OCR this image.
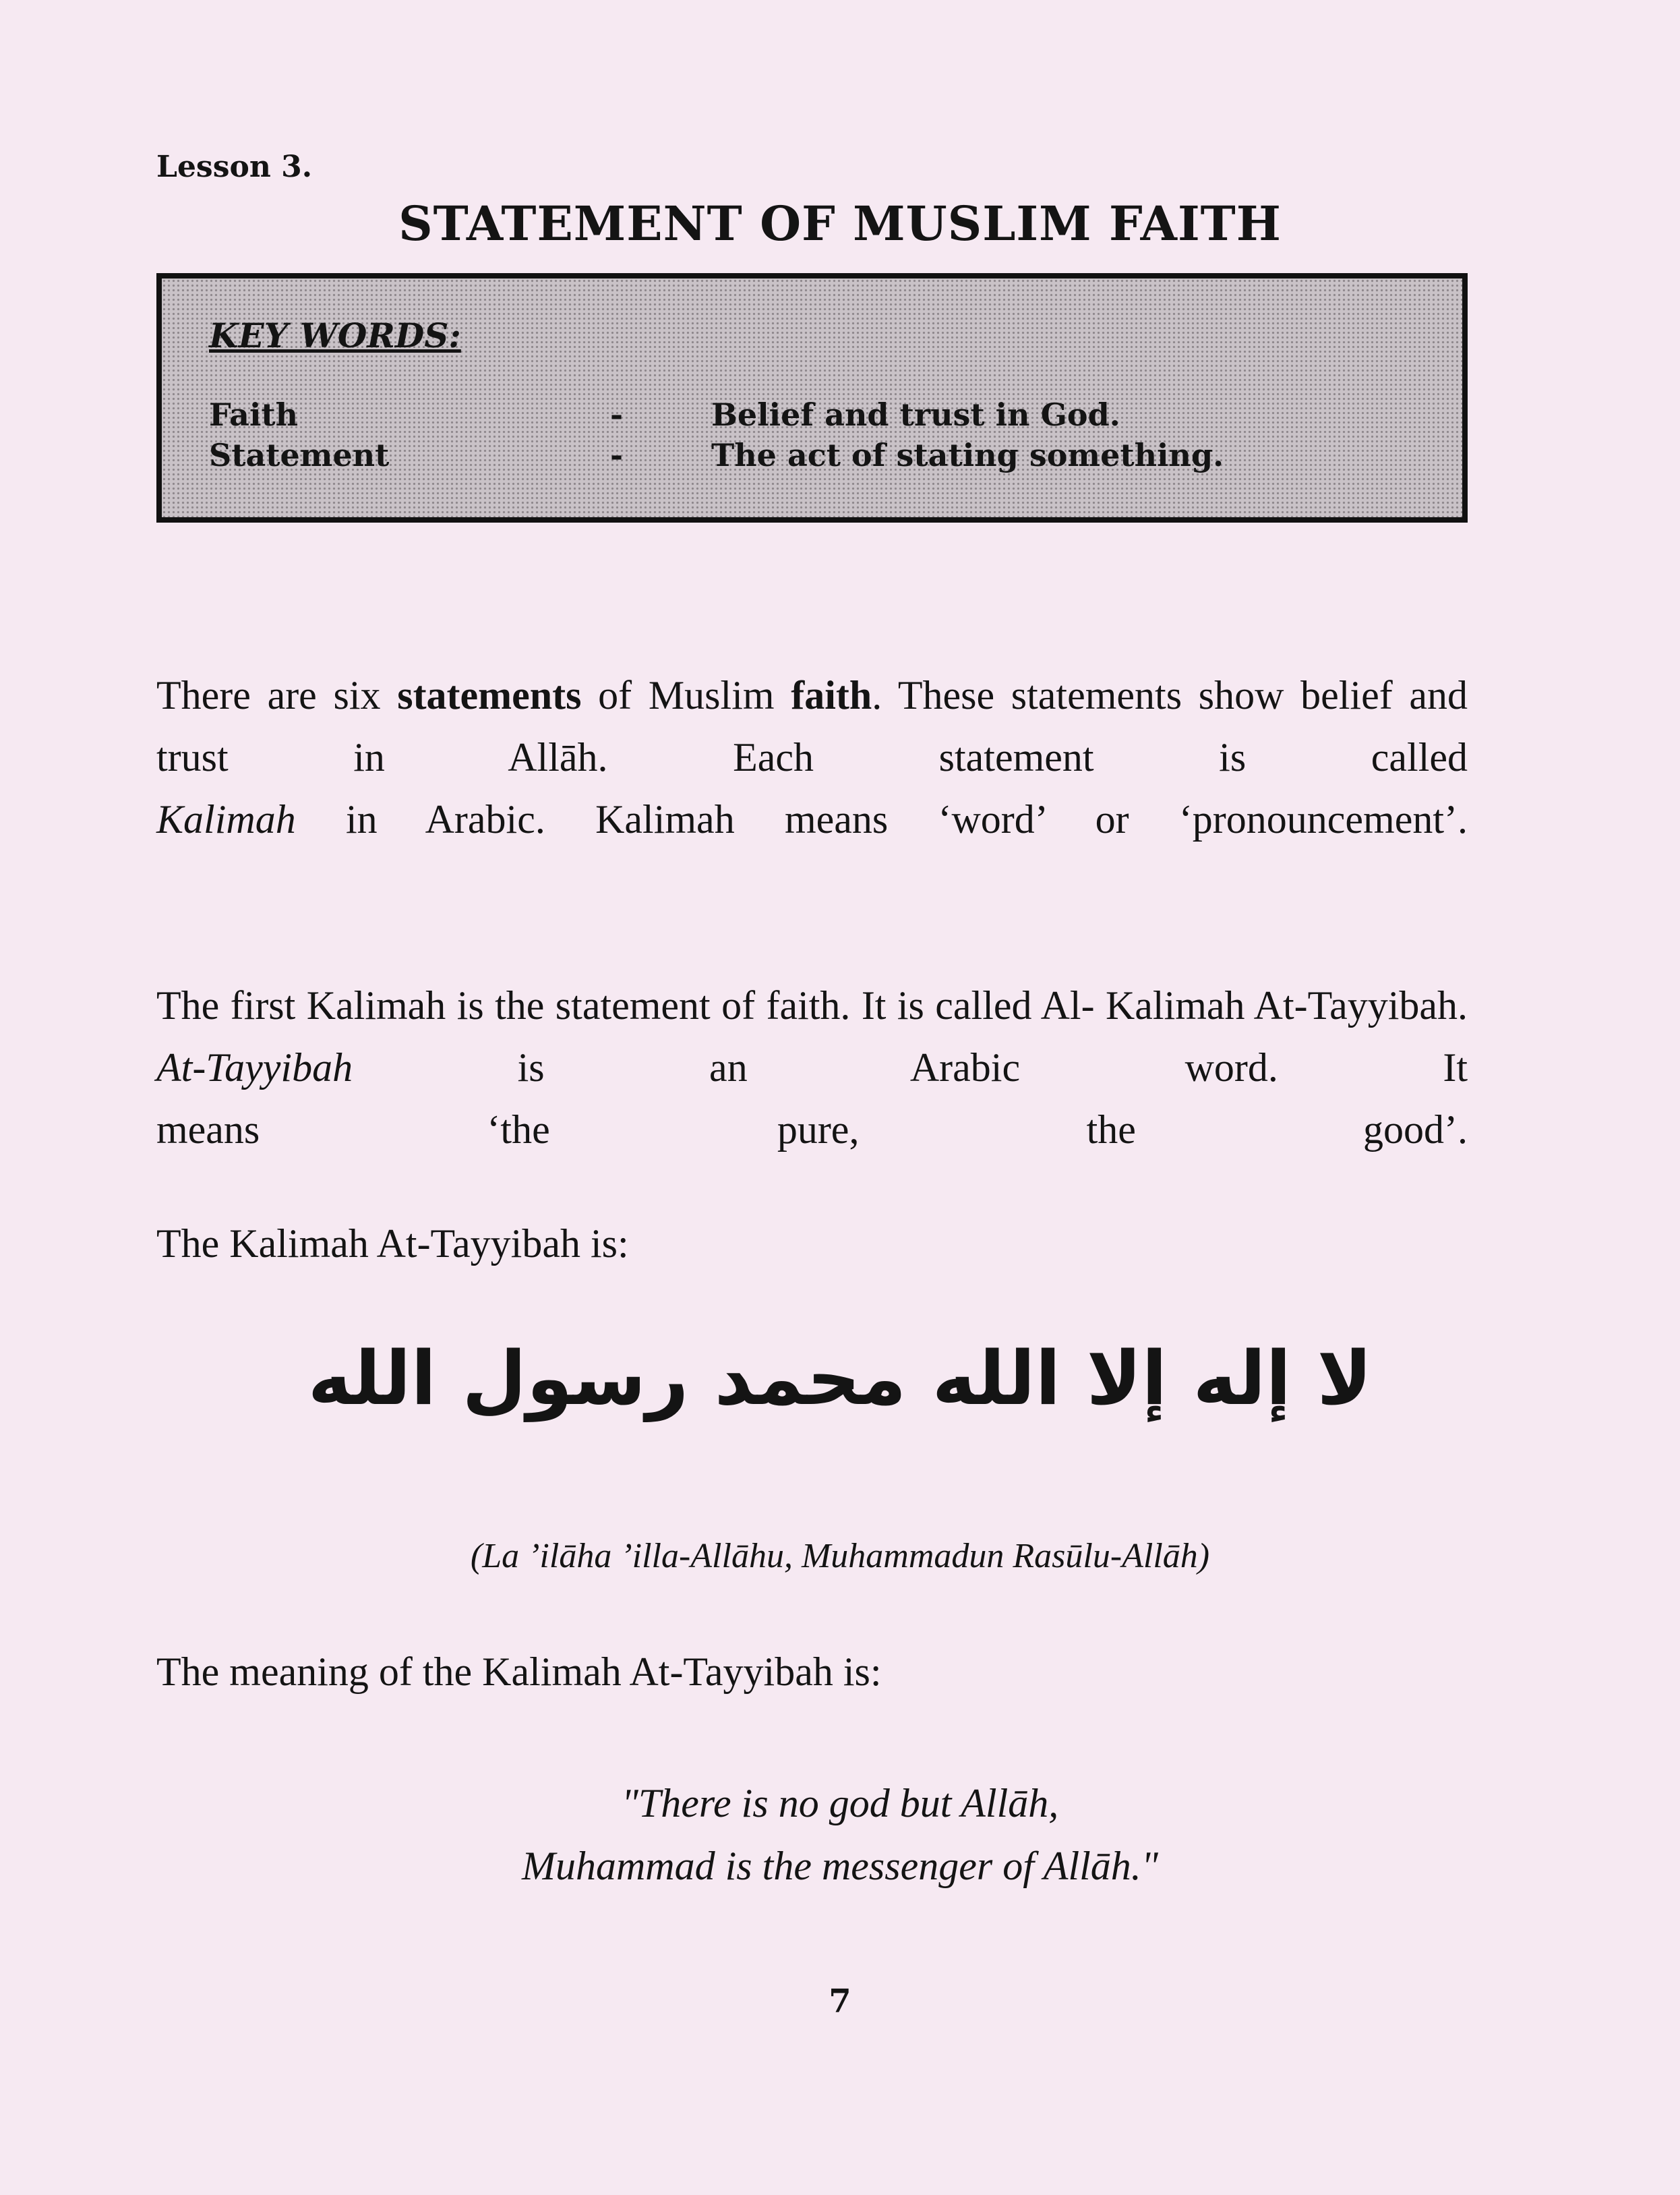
Lesson 3.
STATEMENT OF MUSLIM FAITH
KEY WORDS:
Faith	-	Belief and trust in God.
Statement	-	The act of stating something.
There are six statements of Muslim faith. These statements show belief and trust in Allāh. Each statement is called
Kalimah in Arabic. Kalimah means ‘word’ or ‘pronouncement’.
The first Kalimah is the statement of faith. It is called Al- Kalimah At-Tayyibah. At-Tayyibah is an Arabic word. It
means ‘the pure, the good’.
The Kalimah At-Tayyibah is:
لا إله إلا الله محمد رسول الله
(La ’ilāha ’illa-Allāhu, Muhammadun Rasūlu-Allāh)
The meaning of the Kalimah At-Tayyibah is:
"There is no god but Allāh,
Muhammad is the messenger of Allāh."
7
